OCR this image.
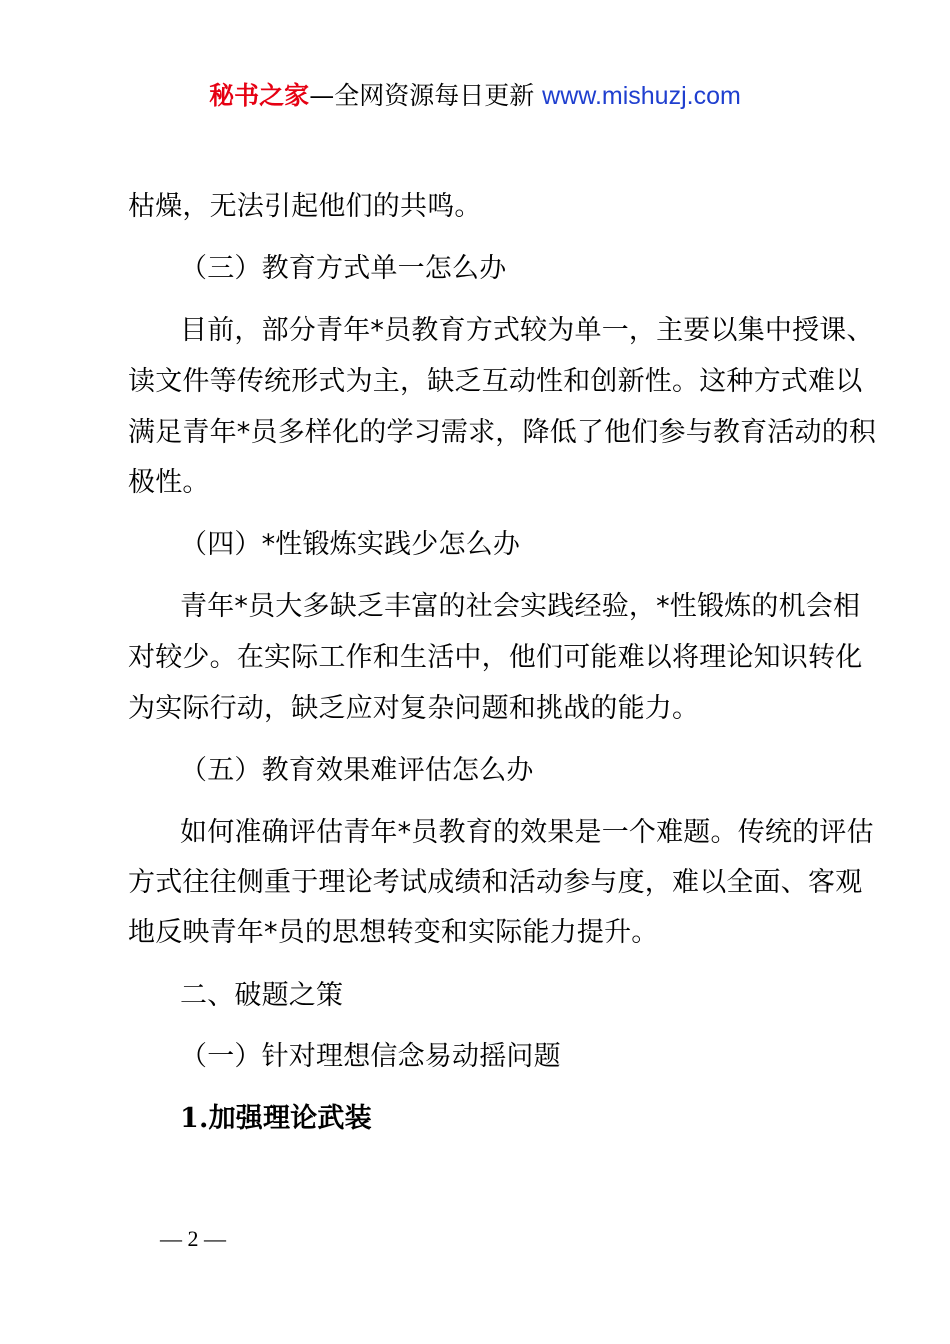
秘书之家—全网资源每日更新 www.mishuzj.com
枯燥，无法引起他们的共鸣。
（三）教育方式单一怎么办
目前，部分青年*员教育方式较为单一，主要以集中授课、
读文件等传统形式为主，缺乏互动性和创新性。这种方式难以
满足青年*员多样化的学习需求，降低了他们参与教育活动的积
极性。
（四）*性锻炼实践少怎么办
青年*员大多缺乏丰富的社会实践经验，*性锻炼的机会相
对较少。在实际工作和生活中，他们可能难以将理论知识转化
为实际行动，缺乏应对复杂问题和挑战的能力。
（五）教育效果难评估怎么办
如何准确评估青年*员教育的效果是一个难题。传统的评估
方式往往侧重于理论考试成绩和活动参与度，难以全面、客观
地反映青年*员的思想转变和实际能力提升。
二、破题之策
（一）针对理想信念易动摇问题
1.加强理论武装
— 2 —
